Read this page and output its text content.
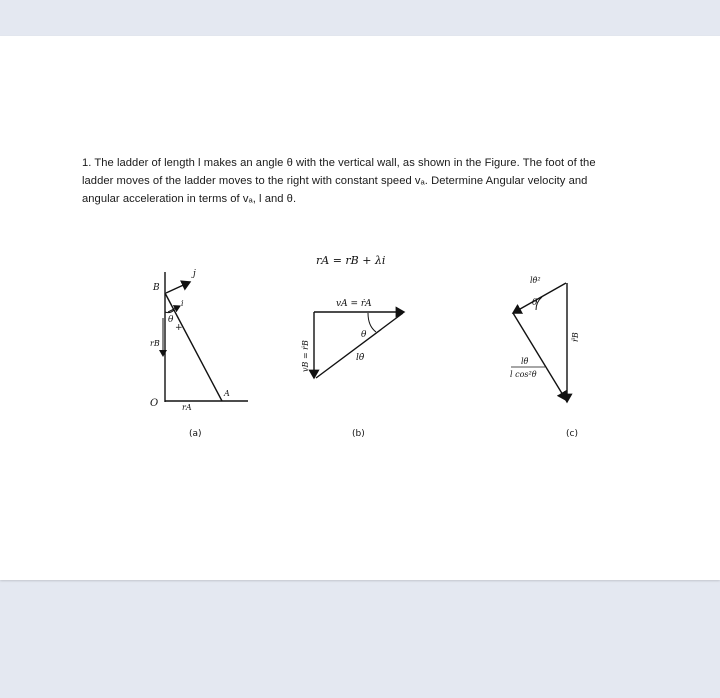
1. The ladder of length l makes an angle θ with the vertical wall, as shown in the Figure. The foot of the
ladder moves of the ladder moves to the right with constant speed vₐ. Determine Angular velocity and
angular acceleration in terms of vₐ, l and θ.
rA = rB + λi
+
B
O
A
j
i
rB
rA
θ
(a)
vA = ṙA
vB = ṙB
θ
lθ̇
(b)
lθ̇²
θ
r̈B
lθ̈
l cos²θ
(c)
